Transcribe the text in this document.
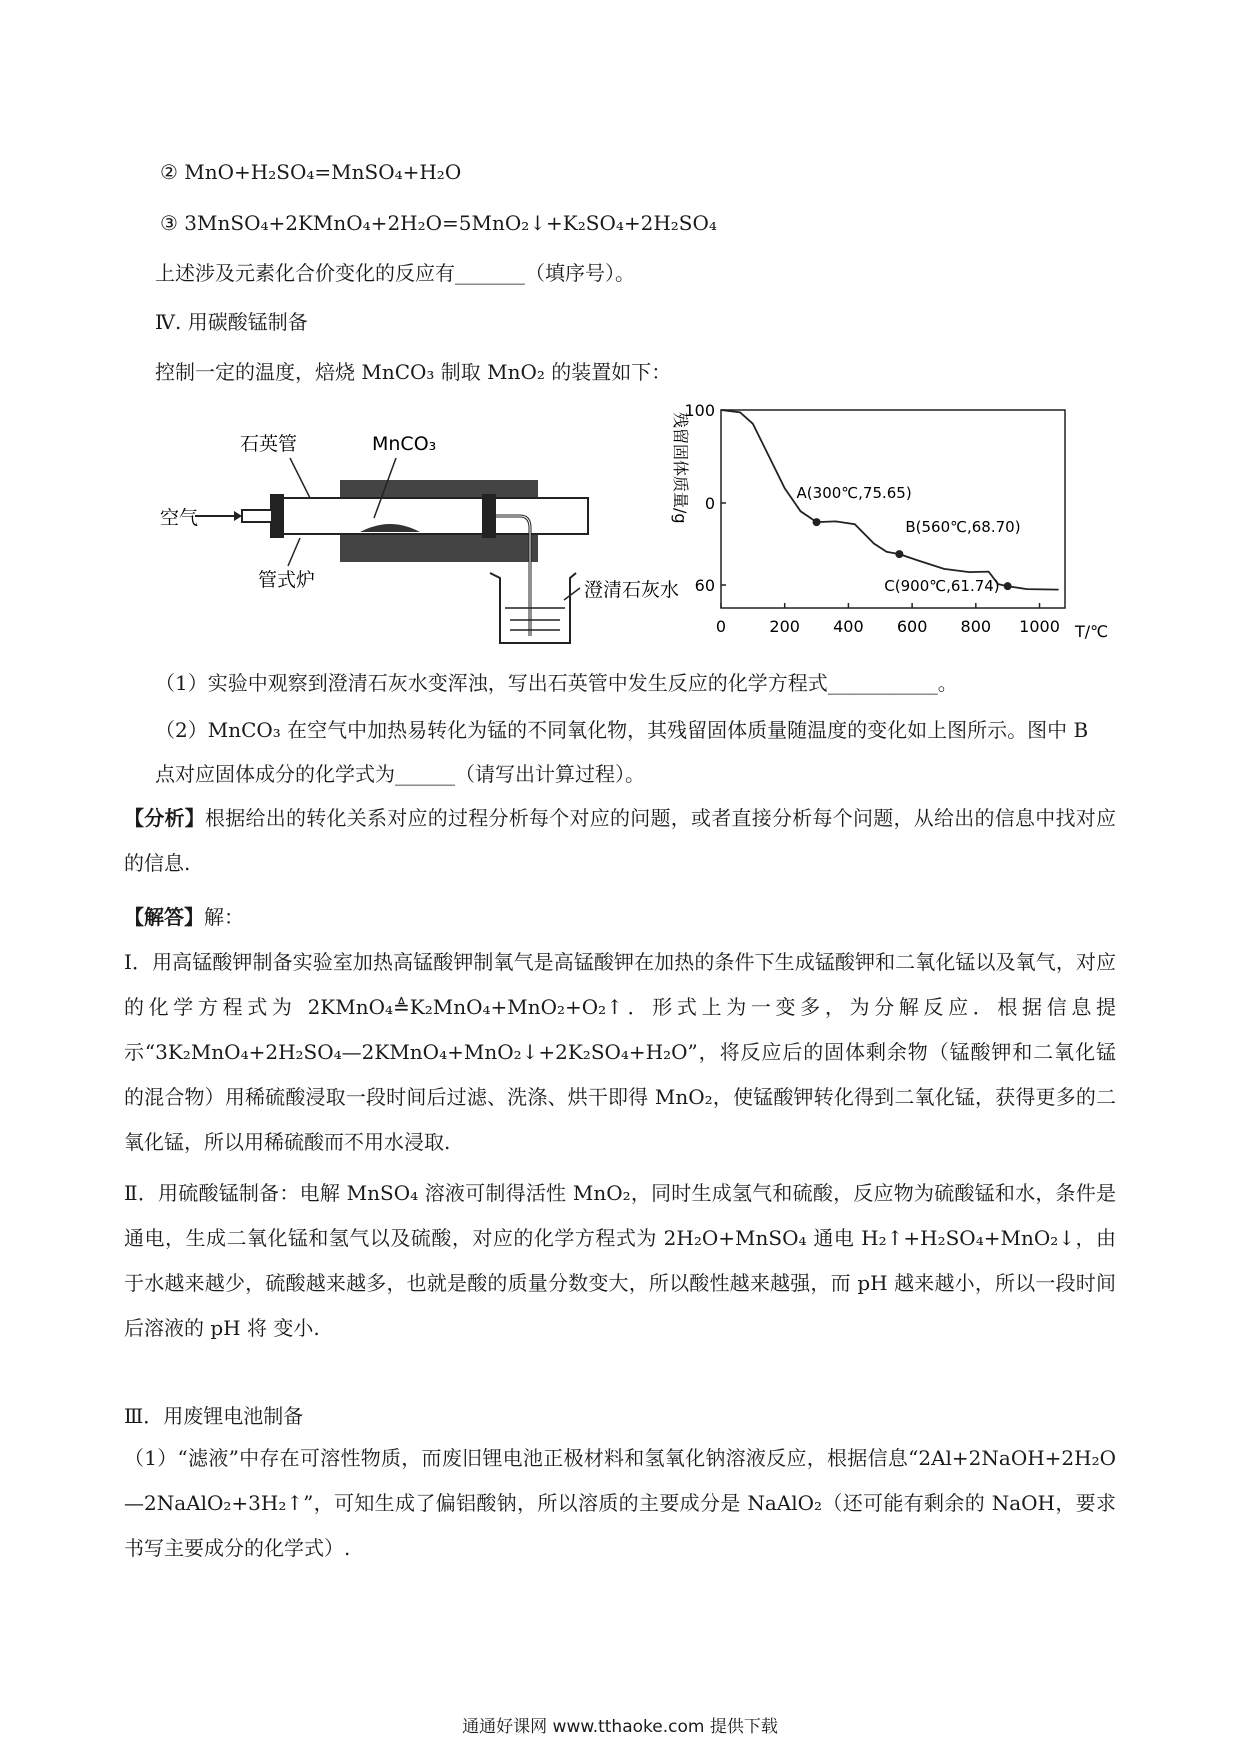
② MnO+H₂SO₄=MnSO₄+H₂O
③ 3MnSO₄+2KMnO₄+2H₂O=5MnO₂↓+K₂SO₄+2H₂SO₄
上述涉及元素化合价变化的反应有_______（填序号）。
Ⅳ. 用碳酸锰制备
控制一定的温度，焙烧 MnCO₃ 制取 MnO₂ 的装置如下：
石英管	MnCO₃
空气
管式炉	澄清石灰水
残留固体质量/g
100
0
60
0	200 400 600 800 1000
A(300℃,75.65)
B(560℃,68.70)
C(900℃,61.74)
T/℃
（1）实验中观察到澄清石灰水变浑浊，写出石英管中发生反应的化学方程式___________。
（2）MnCO₃ 在空气中加热易转化为锰的不同氧化物，其残留固体质量随温度的变化如上图所示。图中 B
点对应固体成分的化学式为______（请写出计算过程）。
【分析】根据给出的转化关系对应的过程分析每个对应的问题，或者直接分析每个问题，从给出的信息中找对应的信息.
【解答】解：
Ⅰ．用高锰酸钾制备实验室加热高锰酸钾制氧气是高锰酸钾在加热的条件下生成锰酸钾和二氧化锰以及氧气，对应的化学方程式为 2KMnO₄≜K₂MnO₄+MnO₂+O₂↑．形式上为一变多，为分解反应．根据信息提示“3K₂MnO₄+2H₂SO₄—2KMnO₄+MnO₂↓+2K₂SO₄+H₂O”，将反应后的固体剩余物（锰酸钾和二氧化锰的混合物）用稀硫酸浸取一段时间后过滤、洗涤、烘干即得 MnO₂，使锰酸钾转化得到二氧化锰，获得更多的二氧化锰，所以用稀硫酸而不用水浸取.
Ⅱ．用硫酸锰制备：电解 MnSO₄ 溶液可制得活性 MnO₂，同时生成氢气和硫酸，反应物为硫酸锰和水，条件是通电，生成二氧化锰和氢气以及硫酸，对应的化学方程式为 2H₂O+MnSO₄ 通电 H₂↑+H₂SO₄+MnO₂↓，由于水越来越少，硫酸越来越多，也就是酸的质量分数变大，所以酸性越来越强，而 pH 越来越小，所以一段时间后溶液的 pH 将 变小.
Ⅲ．用废锂电池制备
（1）“滤液”中存在可溶性物质，而废旧锂电池正极材料和氢氧化钠溶液反应，根据信息“2Al+2NaOH+2H₂O—2NaAlO₂+3H₂↑”，可知生成了偏铝酸钠，所以溶质的主要成分是 NaAlO₂（还可能有剩余的 NaOH，要求书写主要成分的化学式）.
通通好课网 www.tthaoke.com 提供下载
